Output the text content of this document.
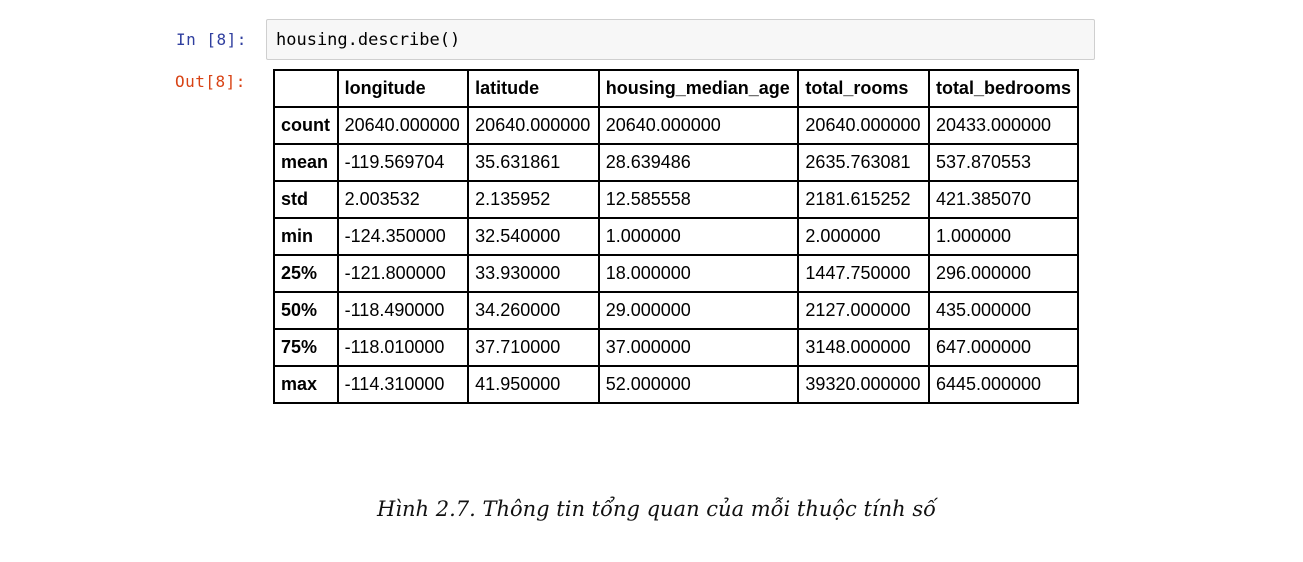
In [8]:	housing.describe()
Out[8]:
		longitude	latitude	housing_median_age	total_rooms	total_bedrooms
count	20640.000000	20640.000000	20640.000000	20640.000000	20433.000000
mean	-119.569704	35.631861	28.639486	2635.763081	537.870553
std	2.003532	2.135952	12.585558	2181.615252	421.385070
min	-124.350000	32.540000	1.000000	2.000000	1.000000
25%	-121.800000	33.930000	18.000000	1447.750000	296.000000
50%	-118.490000	34.260000	29.000000	2127.000000	435.000000
75%	-118.010000	37.710000	37.000000	3148.000000	647.000000
max	-114.310000	41.950000	52.000000	39320.000000	6445.000000
Hình 2.7. Thông tin tổng quan của mỗi thuộc tính số
